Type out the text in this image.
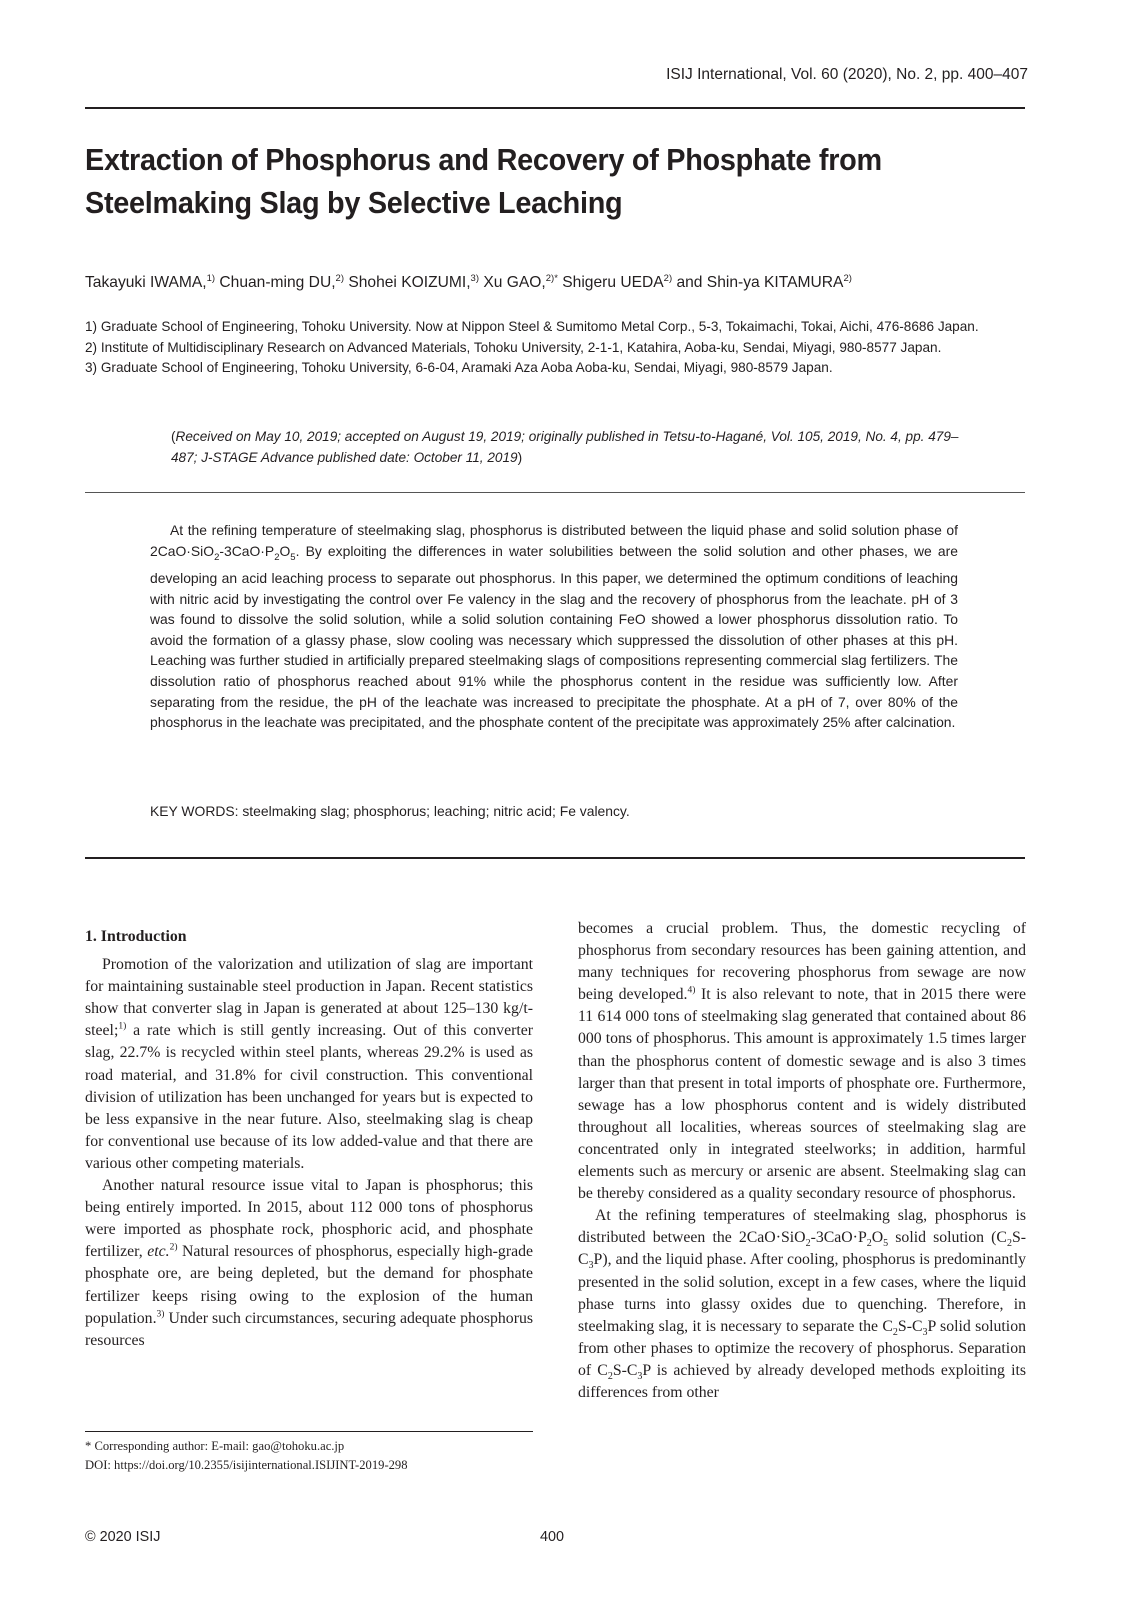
ISIJ International, Vol. 60 (2020), No. 2, pp. 400–407
Extraction of Phosphorus and Recovery of Phosphate from
Steelmaking Slag by Selective Leaching
Takayuki IWAMA,$^{1)}$ Chuan-ming DU,$^{2)}$ Shohei KOIZUMI,$^{3)}$ Xu GAO,$^{2)*}$ Shigeru UEDA$^{2)}$ and Shin-ya KITAMURA$^{2)}$

1) Graduate School of Engineering, Tohoku University. Now at Nippon Steel & Sumitomo Metal Corp., 5-3, Tokaimachi, Tokai, Aichi, 476-8686 Japan.

2) Institute of Multidisciplinary Research on Advanced Materials, Tohoku University, 2-1-1, Katahira, Aoba-ku, Sendai, Miyagi, 980-8577 Japan.

3) Graduate School of Engineering, Tohoku University, 6-6-04, Aramaki Aza Aoba Aoba-ku, Sendai, Miyagi, 980-8579 Japan.

(Received on May 10, 2019; accepted on August 19, 2019; originally published in Tetsu-to-Hagané, Vol. 105, 2019, No. 4, pp. 479–487; J-STAGE Advance published date: October 11, 2019)

At the refining temperature of steelmaking slag, phosphorus is distributed between the liquid phase and solid solution phase of $2CaO\cdot SiO_2-3CaO\cdot P_2O_5$. By exploiting the differences in water solubilities between the solid solution and other phases, we are developing an acid leaching process to separate out phosphorus. In this paper, we determined the optimum conditions of leaching with nitric acid by investigating the control over Fe valency in the slag and the recovery of phosphorus from the leachate. pH of 3 was found to dissolve the solid solution, while a solid solution containing FeO showed a lower phosphorus dissolution ratio. To avoid the formation of a glassy phase, slow cooling was necessary which suppressed the dissolution of other phases at this pH. Leaching was further studied in artificially prepared steelmaking slags of compositions representing commercial slag fertilizers. The dissolution ratio of phosphorus reached about 91% while the phosphorus content in the residue was sufficiently low. After separating from the residue, the pH of the leachate was increased to precipitate the phosphate. At a pH of 7, over 80% of the phosphorus in the leachate was precipitated, and the phosphate content of the precipitate was approximately 25% after calcination.

KEY WORDS: steelmaking slag; phosphorus; leaching; nitric acid; Fe valency.
1. Introduction

Promotion of the valorization and utilization of slag are important for maintaining sustainable steel production in Japan. Recent statistics show that converter slag in Japan is generated at about 125–130 kg/t-steel;$^{1)}$ a rate which is still gently increasing. Out of this converter slag, 22.7% is recycled within steel plants, whereas 29.2% is used as road material, and 31.8% for civil construction. This conventional division of utilization has been unchanged for years but is expected to be less expansive in the near future. Also, steelmaking slag is cheap for conventional use because of its low added-value and that there are various other competing materials.

Another natural resource issue vital to Japan is phosphorus; this being entirely imported. In 2015, about 112 000 tons of phosphorus were imported as phosphate rock, phosphoric acid, and phosphate fertilizer, etc.$^{2)}$ Natural resources of phosphorus, especially high-grade phosphate ore, are being depleted, but the demand for phosphate fertilizer keeps rising owing to the explosion of the human population.$^{3)}$ Under such circumstances, securing adequate phosphorus resources

becomes a crucial problem. Thus, the domestic recycling of phosphorus from secondary resources has been gaining attention, and many techniques for recovering phosphorus from sewage are now being developed.$^{4)}$ It is also relevant to note, that in 2015 there were 11 614 000 tons of steelmaking slag generated that contained about 86 000 tons of phosphorus. This amount is approximately 1.5 times larger than the phosphorus content of domestic sewage and is also 3 times larger than that present in total imports of phosphate ore. Furthermore, sewage has a low phosphorus content and is widely distributed throughout all localities, whereas sources of steelmaking slag are concentrated only in integrated steelworks; in addition, harmful elements such as mercury or arsenic are absent. Steelmaking slag can be thereby considered as a quality secondary resource of phosphorus.

At the refining temperatures of steelmaking slag, phosphorus is distributed between the $2CaO\cdot SiO_2-3CaO\cdot P_2O_5$ solid solution $(C_2S-C_3P)$, and the liquid phase. After cooling, phosphorus is predominantly presented in the solid solution, except in a few cases, where the liquid phase turns into glassy oxides due to quenching. Therefore, in steelmaking slag, it is necessary to separate the $C_2S-C_3P$ solid solution from other phases to optimize the recovery of phosphorus. Separation of $C_2S-C_3P$ is achieved by already developed methods exploiting its differences from other

* Corresponding author: E-mail: gao@tohoku.ac.jp
DOI: https://doi.org/10.2355/isijinternational.ISIJINT-2019-298
© 2020 ISIJ	400
